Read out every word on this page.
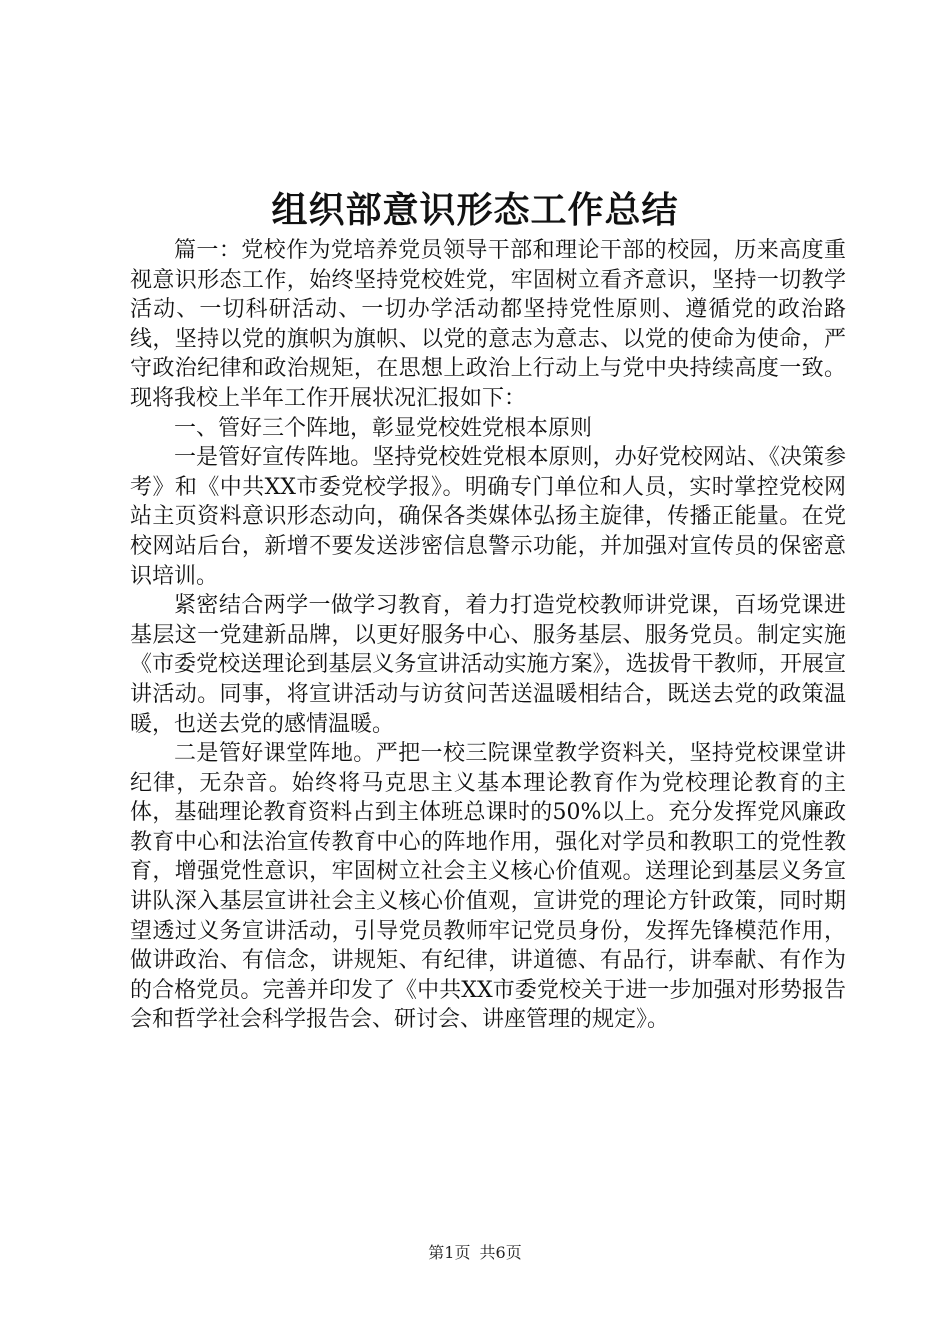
组织部意识形态工作总结

篇一：党校作为党培养党员领导干部和理论干部的校园，历来高度重视意识形态工作，始终坚持党校姓党，牢固树立看齐意识，坚持一切教学活动、一切科研活动、一切办学活动都坚持党性原则、遵循党的政治路线，坚持以党的旗帜为旗帜、以党的意志为意志、以党的使命为使命，严守政治纪律和政治规矩，在思想上政治上行动上与党中央持续高度一致。现将我校上半年工作开展状况汇报如下：

一、管好三个阵地，彰显党校姓党根本原则

一是管好宣传阵地。坚持党校姓党根本原则，办好党校网站、《决策参考》和《中共XX市委党校学报》。明确专门单位和人员，实时掌控党校网站主页资料意识形态动向，确保各类媒体弘扬主旋律，传播正能量。在党校网站后台，新增不要发送涉密信息警示功能，并加强对宣传员的保密意识培训。

紧密结合两学一做学习教育，着力打造党校教师讲党课，百场党课进基层这一党建新品牌，以更好服务中心、服务基层、服务党员。制定实施《市委党校送理论到基层义务宣讲活动实施方案》，选拔骨干教师，开展宣讲活动。同事，将宣讲活动与访贫问苦送温暖相结合，既送去党的政策温暖，也送去党的感情温暖。

二是管好课堂阵地。严把一校三院课堂教学资料关，坚持党校课堂讲纪律，无杂音。始终将马克思主义基本理论教育作为党校理论教育的主体，基础理论教育资料占到主体班总课时的50%以上。充分发挥党风廉政教育中心和法治宣传教育中心的阵地作用，强化对学员和教职工的党性教育，增强党性意识，牢固树立社会主义核心价值观。送理论到基层义务宣讲队深入基层宣讲社会主义核心价值观，宣讲党的理论方针政策，同时期望透过义务宣讲活动，引导党员教师牢记党员身份，发挥先锋模范作用，做讲政治、有信念，讲规矩、有纪律，讲道德、有品行，讲奉献、有作为的合格党员。完善并印发了《中共XX市委党校关于进一步加强对形势报告会和哲学社会科学报告会、研讨会、讲座管理的规定》。

第1页 共6页
